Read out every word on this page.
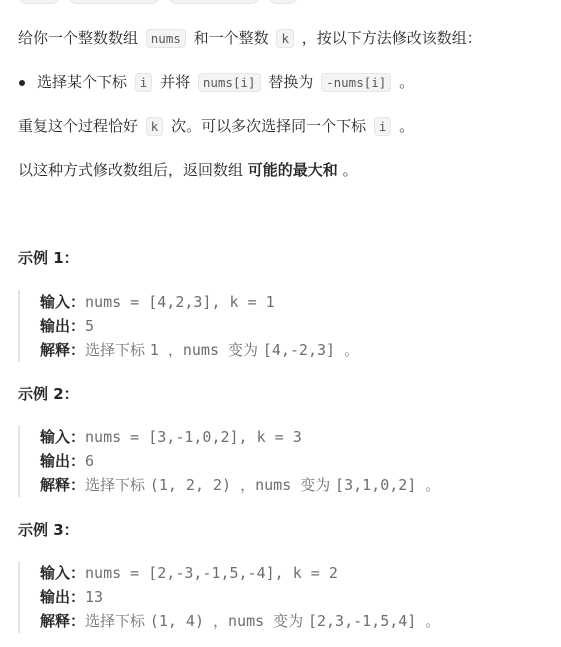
给你一个整数数组 nums 和一个整数 k ，按以下方法修改该数组：

选择某个下标 i 并将 nums[i] 替换为 -nums[i] 。

重复这个过程恰好 k 次。可以多次选择同一个下标 i 。

以这种方式修改数组后，返回数组 可能的最大和 。

示例 1：
输入：nums = [4,2,3], k = 1
输出：5
解释：选择下标 1 ，nums 变为 [4,-2,3] 。
示例 2：
输入：nums = [3,-1,0,2], k = 3
输出：6
解释：选择下标 (1, 2, 2) ，nums 变为 [3,1,0,2] 。
示例 3：
输入：nums = [2,-3,-1,5,-4], k = 2
输出：13
解释：选择下标 (1, 4) ，nums 变为 [2,3,-1,5,4] 。
